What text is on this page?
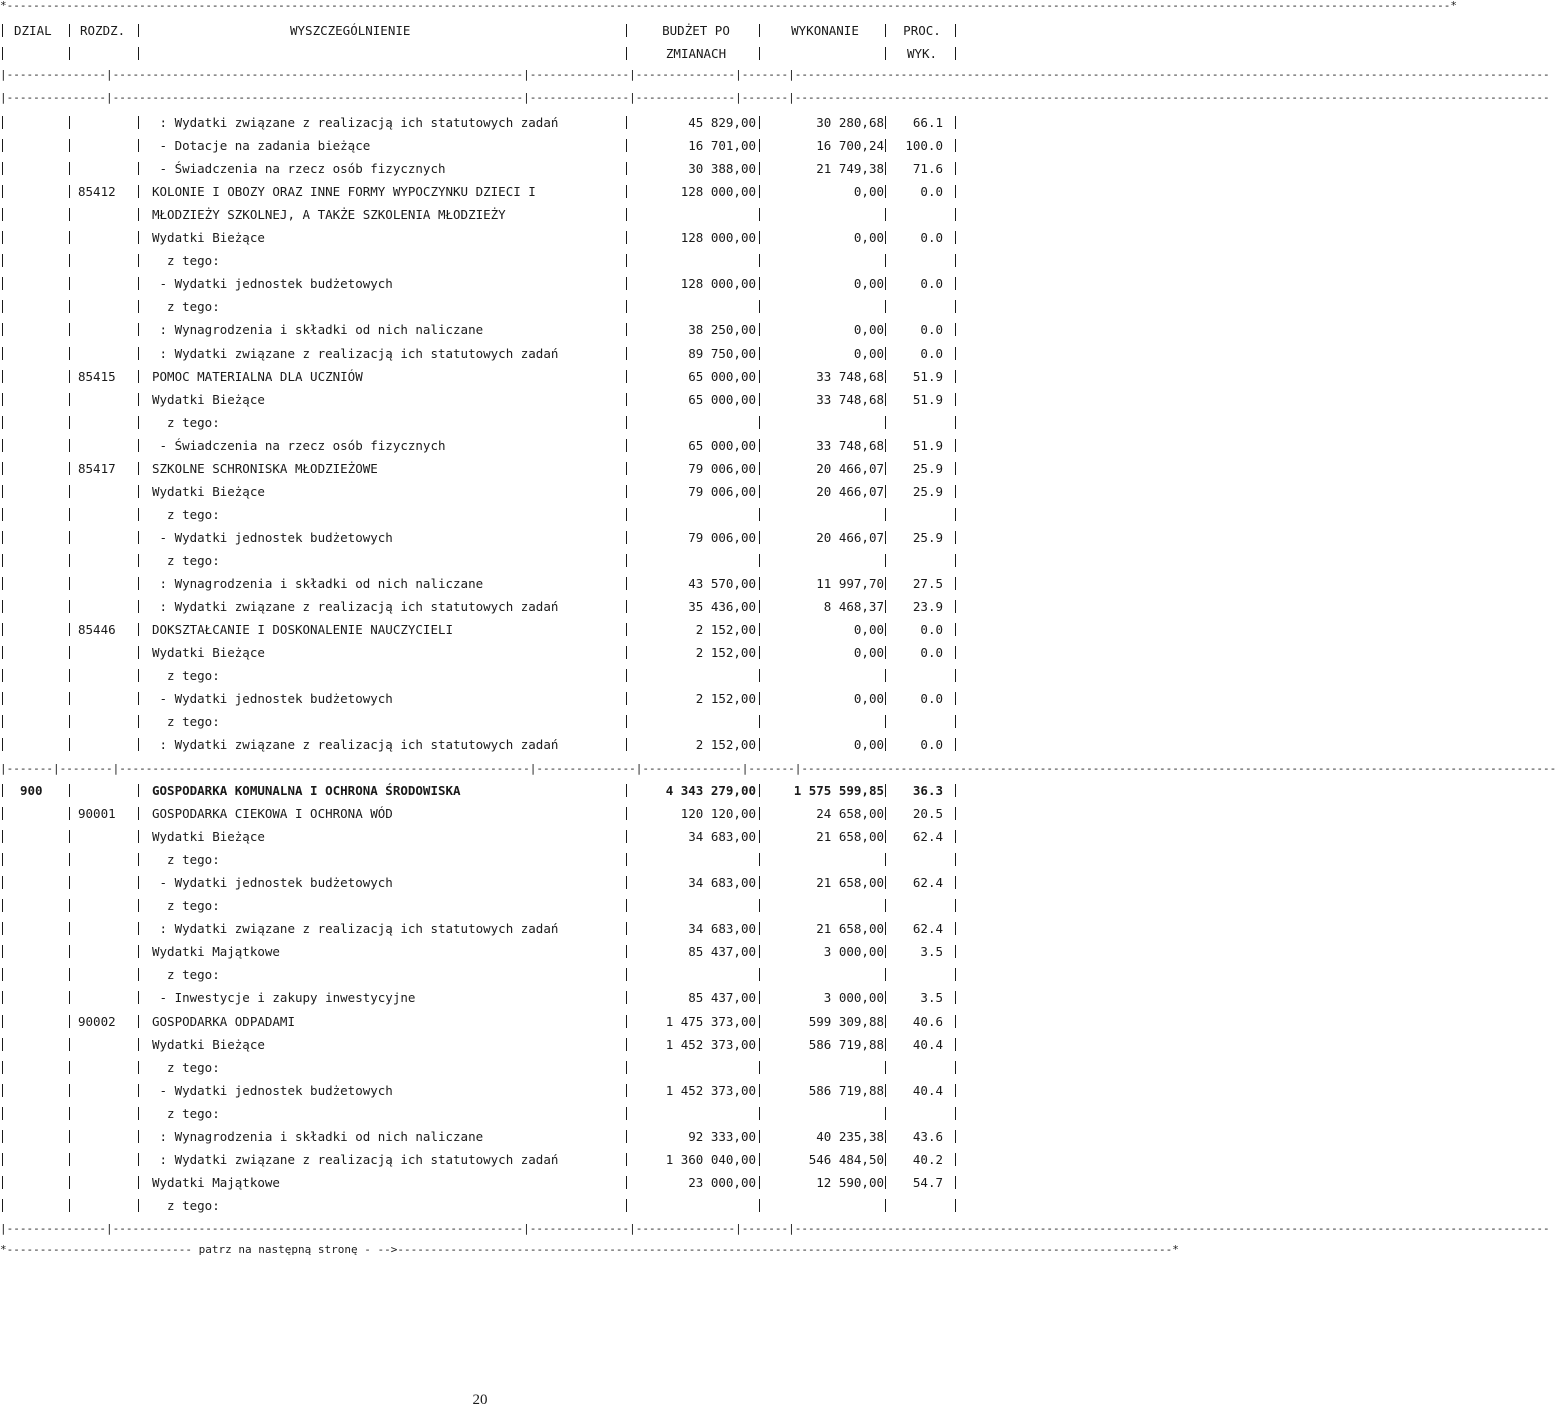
*--------------------------------------------------------------------------------------------------------------------------------------------------------------------------------------------------------------------------*
DZIAL	ROZDZ.	WYSZCZEGÓLNIENIE	BUDŻET PO	WYKONANIE	PROC.
ZMIANACH	WYK.
|---------------|--------------------------------------------------------------|---------------|---------------|-------|------------------------------------------------------------------------------------------------------------------
|---------------|--------------------------------------------------------------|---------------|---------------|-------|------------------------------------------------------------------------------------------------------------------
: Wydatki związane z realizacją ich statutowych zadań	45 829,00	30 280,68	66.1
- Dotacje na zadania bieżące	16 701,00	16 700,24	100.0
- Świadczenia na rzecz osób fizycznych	30 388,00	21 749,38	71.6
85412	KOLONIE I OBOZY ORAZ INNE FORMY WYPOCZYNKU DZIECI I	128 000,00	0,00	0.0
MŁODZIEŻY SZKOLNEJ, A TAKŻE SZKOLENIA MŁODZIEŻY
Wydatki Bieżące	128 000,00	0,00	0.0
z tego:
- Wydatki jednostek budżetowych	128 000,00	0,00	0.0
z tego:
: Wynagrodzenia i składki od nich naliczane	38 250,00	0,00	0.0
: Wydatki związane z realizacją ich statutowych zadań	89 750,00	0,00	0.0
85415	POMOC MATERIALNA DLA UCZNIÓW	65 000,00	33 748,68	51.9
Wydatki Bieżące	65 000,00	33 748,68	51.9
z tego:
- Świadczenia na rzecz osób fizycznych	65 000,00	33 748,68	51.9
85417	SZKOLNE SCHRONISKA MŁODZIEŻOWE	79 006,00	20 466,07	25.9
Wydatki Bieżące	79 006,00	20 466,07	25.9
z tego:
- Wydatki jednostek budżetowych	79 006,00	20 466,07	25.9
z tego:
: Wynagrodzenia i składki od nich naliczane	43 570,00	11 997,70	27.5
: Wydatki związane z realizacją ich statutowych zadań	35 436,00	8 468,37	23.9
85446	DOKSZTAŁCANIE I DOSKONALENIE NAUCZYCIELI	2 152,00	0,00	0.0
Wydatki Bieżące	2 152,00	0,00	0.0
z tego:
- Wydatki jednostek budżetowych	2 152,00	0,00	0.0
z tego:
: Wydatki związane z realizacją ich statutowych zadań	2 152,00	0,00	0.0
|-------|--------|--------------------------------------------------------------|---------------|---------------|-------|------------------------------------------------------------------------------------------------------------------
900	GOSPODARKA KOMUNALNA I OCHRONA ŚRODOWISKA	4 343 279,00	1 575 599,85	36.3
90001	GOSPODARKA CIEKOWA I OCHRONA WÓD	120 120,00	24 658,00	20.5
Wydatki Bieżące	34 683,00	21 658,00	62.4
z tego:
- Wydatki jednostek budżetowych	34 683,00	21 658,00	62.4
z tego:
: Wydatki związane z realizacją ich statutowych zadań	34 683,00	21 658,00	62.4
Wydatki Majątkowe	85 437,00	3 000,00	3.5
z tego:
- Inwestycje i zakupy inwestycyjne	85 437,00	3 000,00	3.5
90002	GOSPODARKA ODPADAMI	1 475 373,00	599 309,88	40.6
Wydatki Bieżące	1 452 373,00	586 719,88	40.4
z tego:
- Wydatki jednostek budżetowych	1 452 373,00	586 719,88	40.4
z tego:
: Wynagrodzenia i składki od nich naliczane	92 333,00	40 235,38	43.6
: Wydatki związane z realizacją ich statutowych zadań	1 360 040,00	546 484,50	40.2
Wydatki Majątkowe	23 000,00	12 590,00	54.7
z tego:
|---------------|--------------------------------------------------------------|---------------|---------------|-------|------------------------------------------------------------------------------------------------------------------
*---------------------------- patrz na następną stronę - -->---------------------------------------------------------------------------------------------------------------------*
20
